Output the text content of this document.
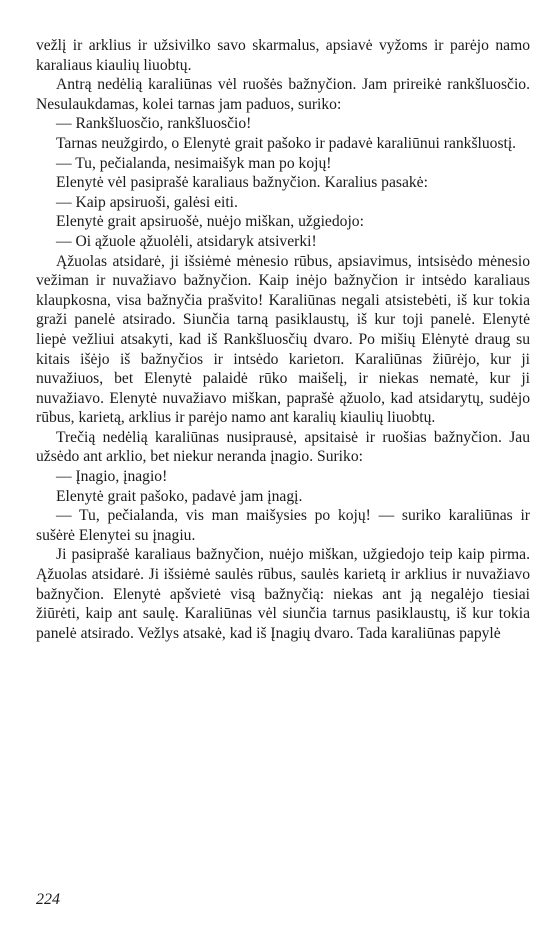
vežlį ir arklius ir užsivilko savo skarmalus, apsiavė vyžoms ir parėjo namo karaliaus kiaulių liuobtų.

Antrą nedėlią karaliūnas vėl ruošės bažnyčion. Jam prireikė rankšluosčio. Nesulaukdamas, kolei tarnas jam paduos, suriko:

— Rankšluosčio, rankšluosčio!

Tarnas neužgirdo, o Elenytė grait pašoko ir padavė karaliūnui rankšluostį.

— Tu, pečialanda, nesimaišyk man po kojų!

Elenytė vėl pasiprašė karaliaus bažnyčion. Karalius pasakė:

— Kaip apsiruoši, galėsi eiti.

Elenytė grait apsiruošė, nuėjo miškan, užgiedojo:

— Oi ąžuole ąžuolėli, atsidaryk atsiverki!

Ąžuolas atsidarė, ji išsiėmė mėnesio rūbus, apsiavimus, intsisėdo mėnesio vežiman ir nuvažiavo bažnyčion. Kaip inėjo bažnyčion ir intsėdo karaliaus klaupkosna, visa bažnyčia prašvito! Karaliūnas negali atsistebėti, iš kur tokia graži panelė atsirado. Siunčia tarną pasiklaustų, iš kur toji panelė. Elenytė liepė vežliui atsakyti, kad iš Rankšluosčių dvaro. Po mišių Elėnytė draug su kitais išėjo iš bažnyčios ir intsėdo karietoп. Karaliūnas žiūrėjo, kur ji nuvažiuos, bet Elenytė palaidė rūko maišelį, ir niekas nematė, kur ji nuvažiavo. Elenytė nuvažiavo miškan, paprašė ąžuolo, kad atsidarytų, sudėjo rūbus, karietą, arklius ir parėjo namo ant karalių kiaulių liuobtų.

Trečią nedėlią karaliūnas nusiprausė, apsitaisė ir ruošias bažnyčion. Jau užsėdo ant arklio, bet niekur neranda įnagio. Suriko:

— Įnagio, įnagio!

Elenytė grait pašoko, padavė jam įnagį.

— Tu, pečialanda, vis man maišysies po kojų! — suriko karaliūnas ir sušėrė Elenytei su įnagiu.

Ji pasiprašė karaliaus bažnyčion, nuėjo miškan, užgiedojo teip kaip pirma. Ąžuolas atsidarė. Ji išsiėmė saulės rūbus, saulės karietą ir arklius ir nuvažiavo bažnyčion. Elenytė apšvietė visą bažnyčią: niekas ant ją negalėjo tiesiai žiūrėti, kaip ant saulę. Karaliūnas vėl siunčia tarnus pasiklaustų, iš kur tokia panelė atsirado. Vežlys atsakė, kad iš Įnagių dvaro. Tada karaliūnas papylė

224
